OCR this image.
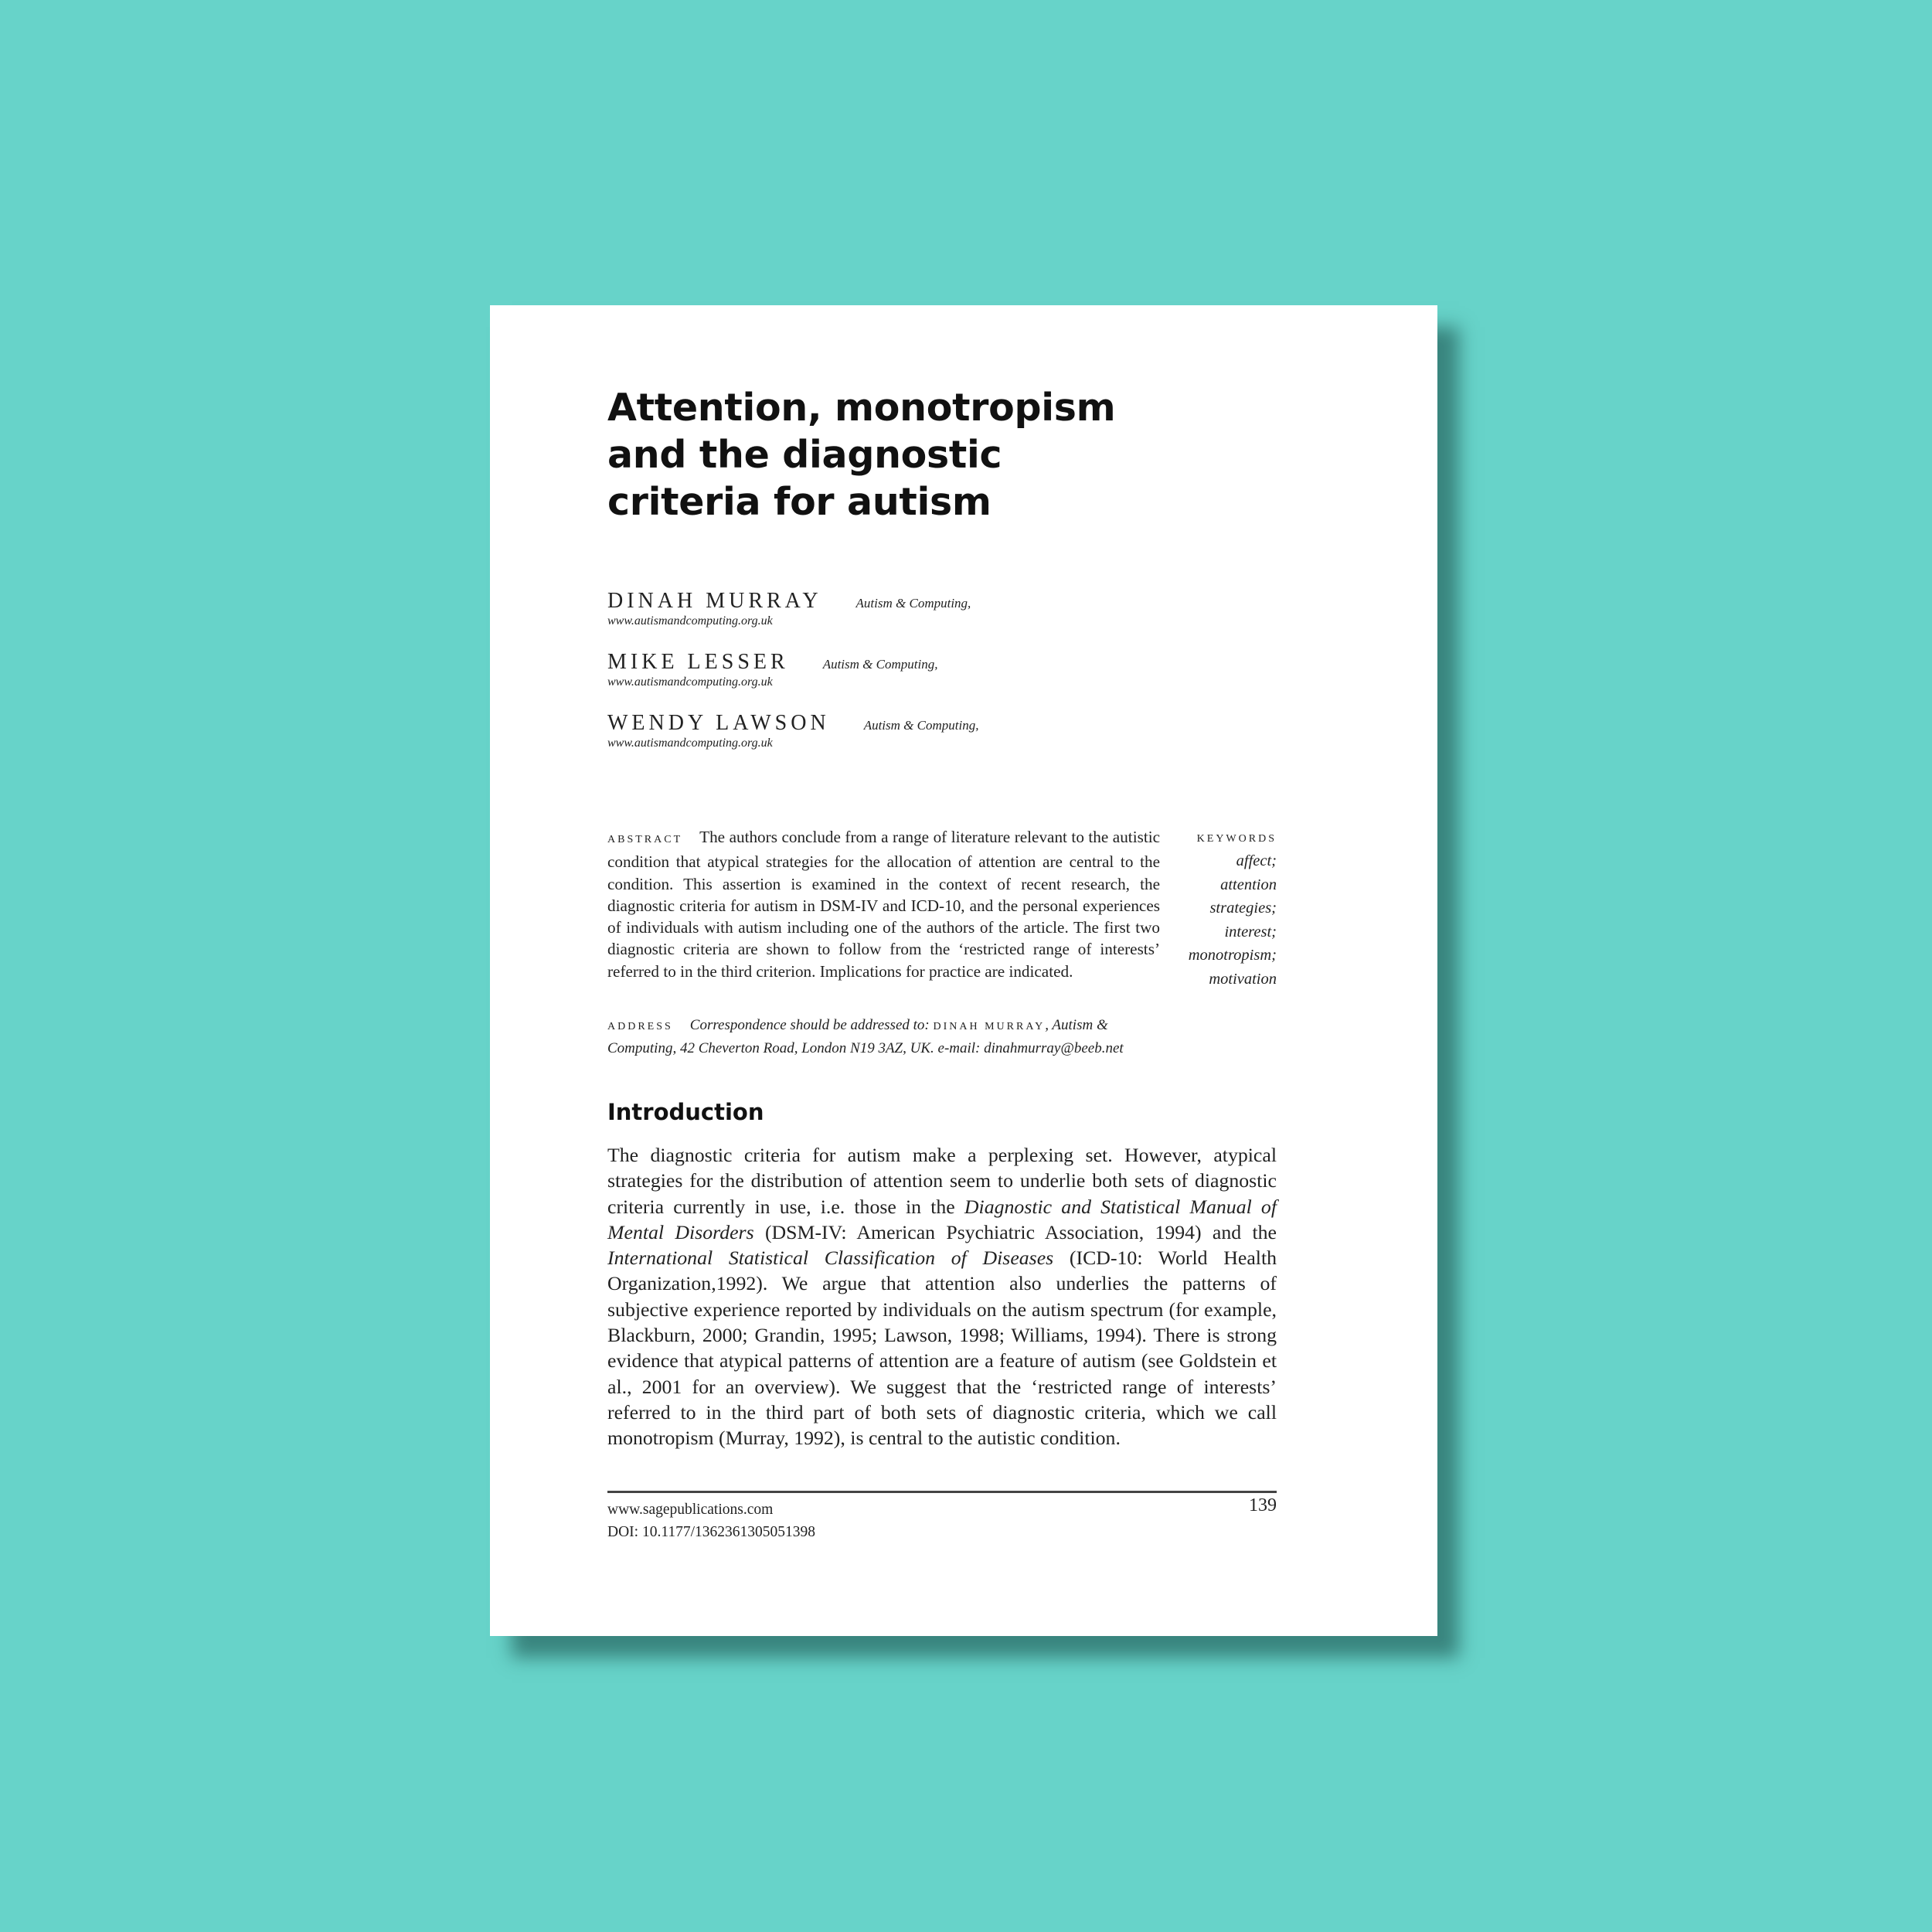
Attention, monotropism and the diagnostic criteria for autism
DINAH MURRAY	Autism & Computing,
www.autismandcomputing.org.uk
MIKE LESSER	Autism & Computing,
www.autismandcomputing.org.uk
WENDY LAWSON	Autism & Computing,
www.autismandcomputing.org.uk
ABSTRACT The authors conclude from a range of literature relevant to the autistic condition that atypical strategies for the allocation of attention are central to the condition. This assertion is examined in the context of recent research, the diagnostic criteria for autism in DSM-IV and ICD-10, and the personal experiences of individuals with autism including one of the authors of the article. The first two diagnostic criteria are shown to follow from the ‘restricted range of interests’ referred to in the third criterion. Implications for practice are indicated.
KEYWORDS
affect;
attention
strategies;
interest;
monotropism;
motivation
ADDRESS Correspondence should be addressed to: DINAH MURRAY, Autism & Computing, 42 Cheverton Road, London N19 3AZ, UK. e-mail: dinahmurray@beeb.net
Introduction

The diagnostic criteria for autism make a perplexing set. However, atypical strategies for the distribution of attention seem to underlie both sets of diagnostic criteria currently in use, i.e. those in the Diagnostic and Statistical Manual of Mental Disorders (DSM-IV: American Psychiatric Association, 1994) and the International Statistical Classification of Diseases (ICD-10: World Health Organization,1992). We argue that attention also underlies the patterns of subjective experience reported by individuals on the autism spectrum (for example, Blackburn, 2000; Grandin, 1995; Lawson, 1998; Williams, 1994). There is strong evidence that atypical patterns of attention are a feature of autism (see Goldstein et al., 2001 for an overview). We suggest that the ‘restricted range of interests’ referred to in the third part of both sets of diagnostic criteria, which we call monotropism (Murray, 1992), is central to the autistic condition.

www.sagepublications.com
DOI: 10.1177/1362361305051398
139
